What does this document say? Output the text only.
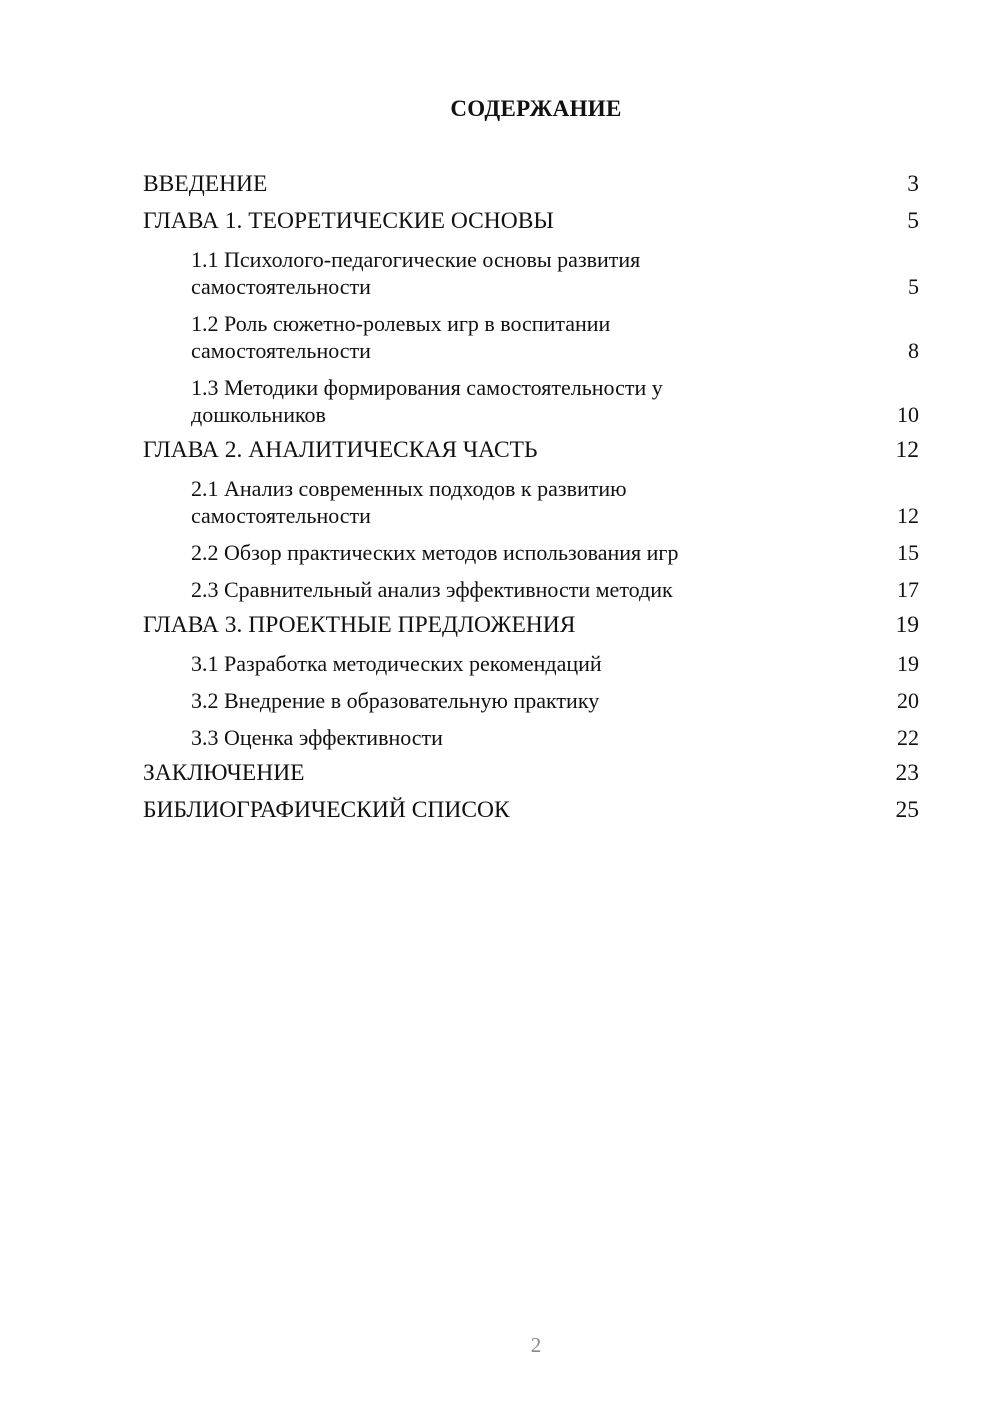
СОДЕРЖАНИЕ
ВВЕДЕНИЕ	3
ГЛАВА 1. ТЕОРЕТИЧЕСКИЕ ОСНОВЫ	5
1.1 Психолого-педагогические основы развития самостоятельности	5
1.2 Роль сюжетно-ролевых игр в воспитании самостоятельности	8
1.3 Методики формирования самостоятельности у дошкольников	10
ГЛАВА 2. АНАЛИТИЧЕСКАЯ ЧАСТЬ	12
2.1 Анализ современных подходов к развитию самостоятельности	12
2.2 Обзор практических методов использования игр	15
2.3 Сравнительный анализ эффективности методик	17
ГЛАВА 3. ПРОЕКТНЫЕ ПРЕДЛОЖЕНИЯ	19
3.1 Разработка методических рекомендаций	19
3.2 Внедрение в образовательную практику	20
3.3 Оценка эффективности	22
ЗАКЛЮЧЕНИЕ	23
БИБЛИОГРАФИЧЕСКИЙ СПИСОК	25
2
